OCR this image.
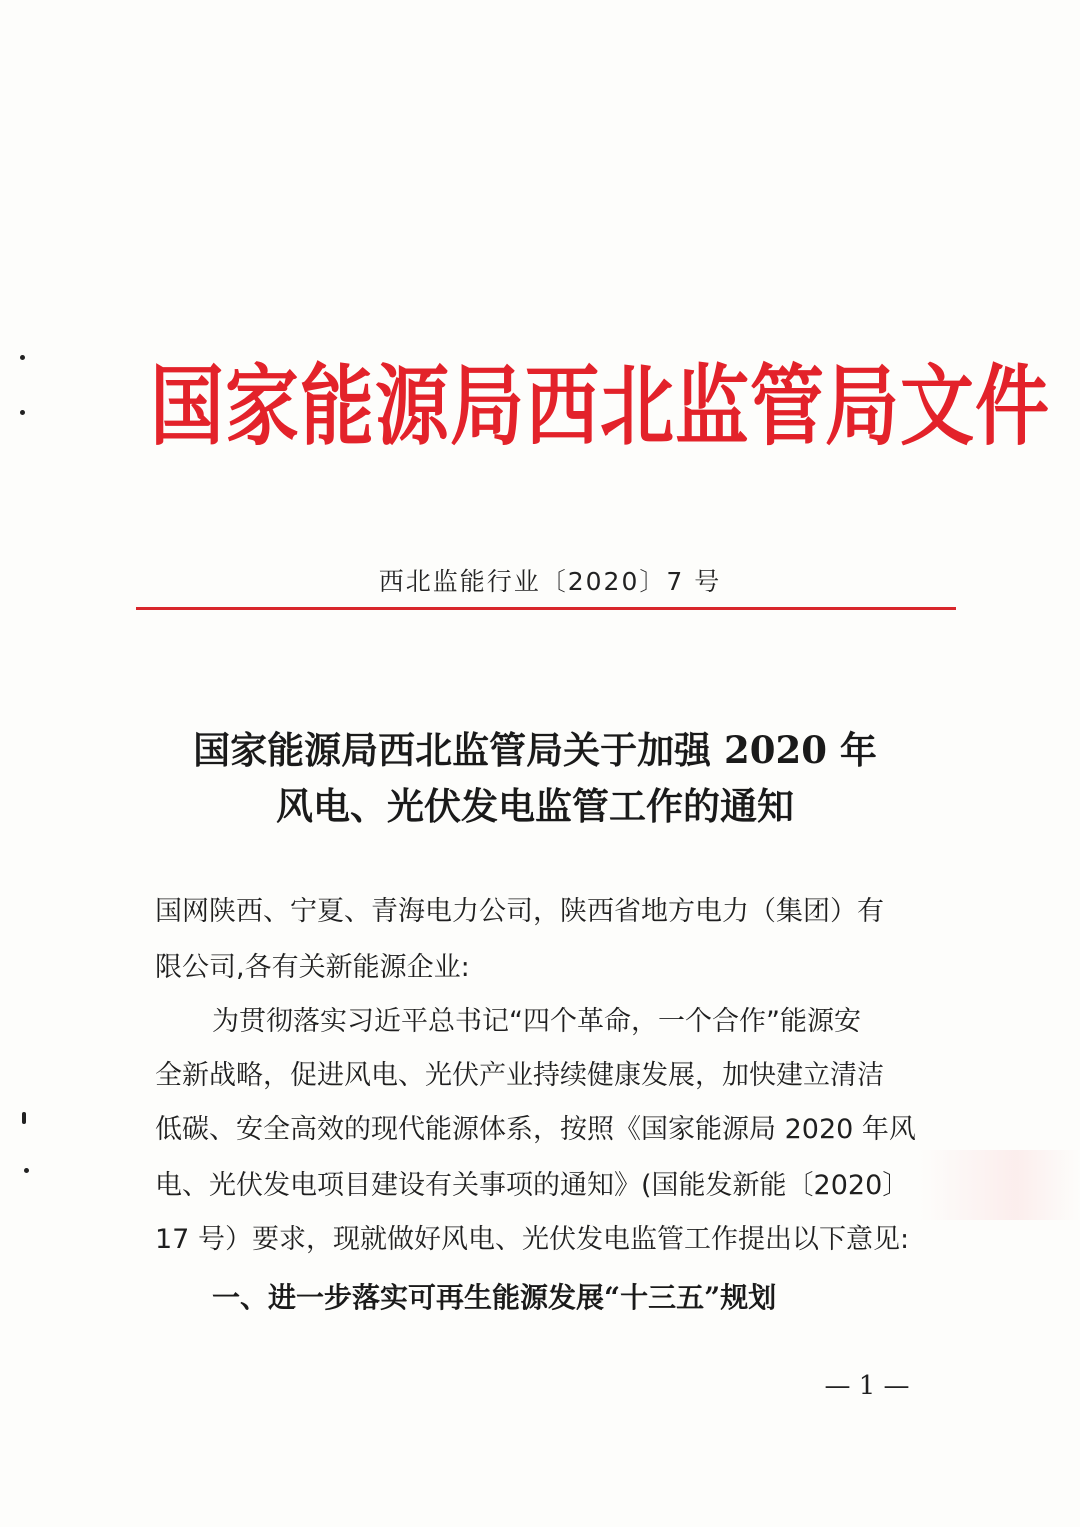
国家能源局西北监管局文件
西北监能行业〔2020〕7 号
国家能源局西北监管局关于加强 2020 年
风电、光伏发电监管工作的通知

国网陕西、宁夏、青海电力公司，陕西省地方电力（集团）有

限公司,各有关新能源企业:

为贯彻落实习近平总书记“四个革命，一个合作”能源安

全新战略，促进风电、光伏产业持续健康发展，加快建立清洁

低碳、安全高效的现代能源体系，按照《国家能源局 2020 年风

电、光伏发电项目建设有关事项的通知》(国能发新能〔2020〕

17 号）要求，现就做好风电、光伏发电监管工作提出以下意见:

一、进一步落实可再生能源发展“十三五”规划
— 1 —
